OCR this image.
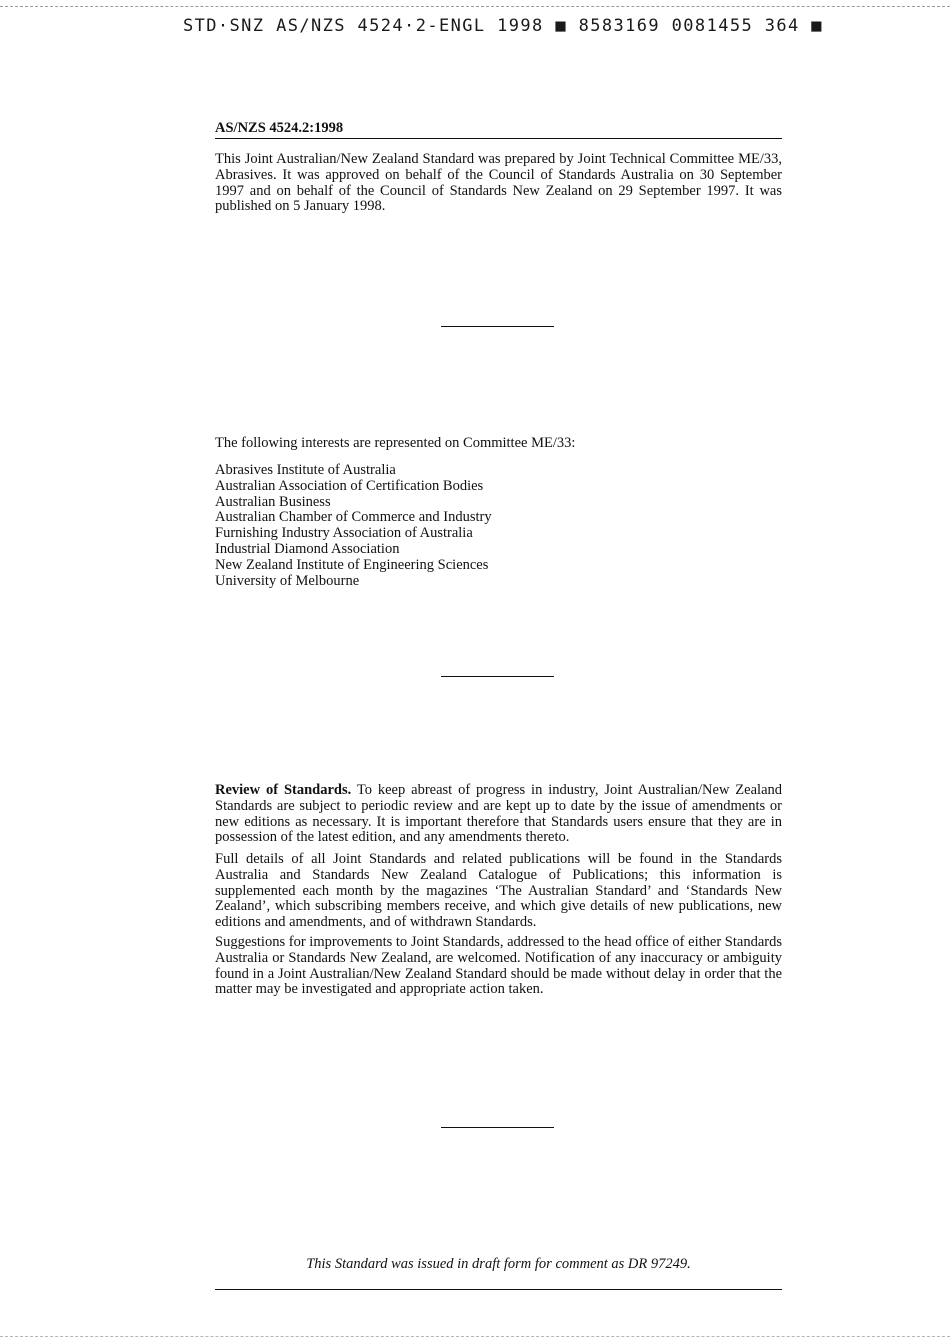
STD·SNZ AS/NZS 4524·2-ENGL 1998 ■ 8583169 0081455 364 ■
AS/NZS 4524.2:1998
This Joint Australian/New Zealand Standard was prepared by Joint Technical Committee ME/33, Abrasives. It was approved on behalf of the Council of Standards Australia on 30 September 1997 and on behalf of the Council of Standards New Zealand on 29 September 1997. It was published on 5 January 1998.
The following interests are represented on Committee ME/33:
Abrasives Institute of Australia
Australian Association of Certification Bodies
Australian Business
Australian Chamber of Commerce and Industry
Furnishing Industry Association of Australia
Industrial Diamond Association
New Zealand Institute of Engineering Sciences
University of Melbourne
Review of Standards. To keep abreast of progress in industry, Joint Australian/New Zealand Standards are subject to periodic review and are kept up to date by the issue of amendments or new editions as necessary. It is important therefore that Standards users ensure that they are in possession of the latest edition, and any amendments thereto.
Full details of all Joint Standards and related publications will be found in the Standards Australia and Standards New Zealand Catalogue of Publications; this information is supplemented each month by the magazines ‘The Australian Standard’ and ‘Standards New Zealand’, which subscribing members receive, and which give details of new publications, new editions and amendments, and of withdrawn Standards.
Suggestions for improvements to Joint Standards, addressed to the head office of either Standards Australia or Standards New Zealand, are welcomed. Notification of any inaccuracy or ambiguity found in a Joint Australian/New Zealand Standard should be made without delay in order that the matter may be investigated and appropriate action taken.
This Standard was issued in draft form for comment as DR 97249.
